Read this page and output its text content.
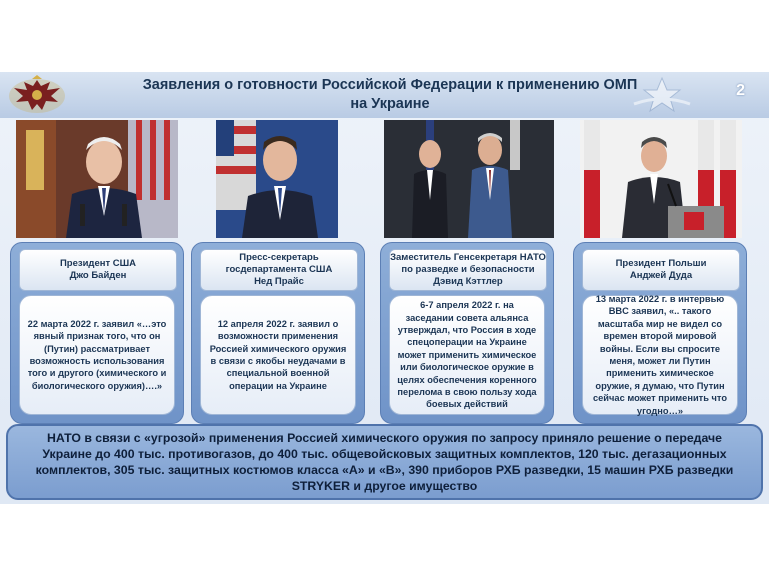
Заявления о готовности Российской Федерации к применению ОМП
на Украине
2
Президент США
Джо Байден
22 марта 2022 г. заявил «…это явный признак того, что он (Путин) рассматривает возможность использования того и другого (химического и биологического оружия)….»
Пресс-секретарь госдепартамента США
Нед Прайс
12 апреля 2022 г. заявил о возможности применения Россией химического оружия в связи с якобы неудачами в специальной военной операции на Украине
Заместитель Генсекретаря НАТО по разведке и безопасности
Дэвид Кэттлер
6-7 апреля 2022 г. на заседании совета альянса утверждал, что Россия в ходе спецоперации на Украине может применить химическое или биологическое оружие в целях обеспечения коренного перелома в свою пользу хода боевых действий
Президент Польши
Анджей Дуда
13 марта 2022 г. в интервью BBC заявил, «.. такого масштаба мир не видел со времен второй мировой войны. Если вы спросите меня, может ли Путин применить химическое оружие, я думаю, что Путин сейчас может применить что угодно…»
НАТО в связи с «угрозой» применения Россией химического оружия по запросу приняло решение о передаче Украине до 400 тыс. противогазов, до 400 тыс. общевойсковых защитных комплектов, 120 тыс. дегазационных комплектов, 305 тыс. защитных костюмов класса «А» и «В», 390 приборов РХБ разведки, 15 машин РХБ разведки STRYKER и другое имущество
